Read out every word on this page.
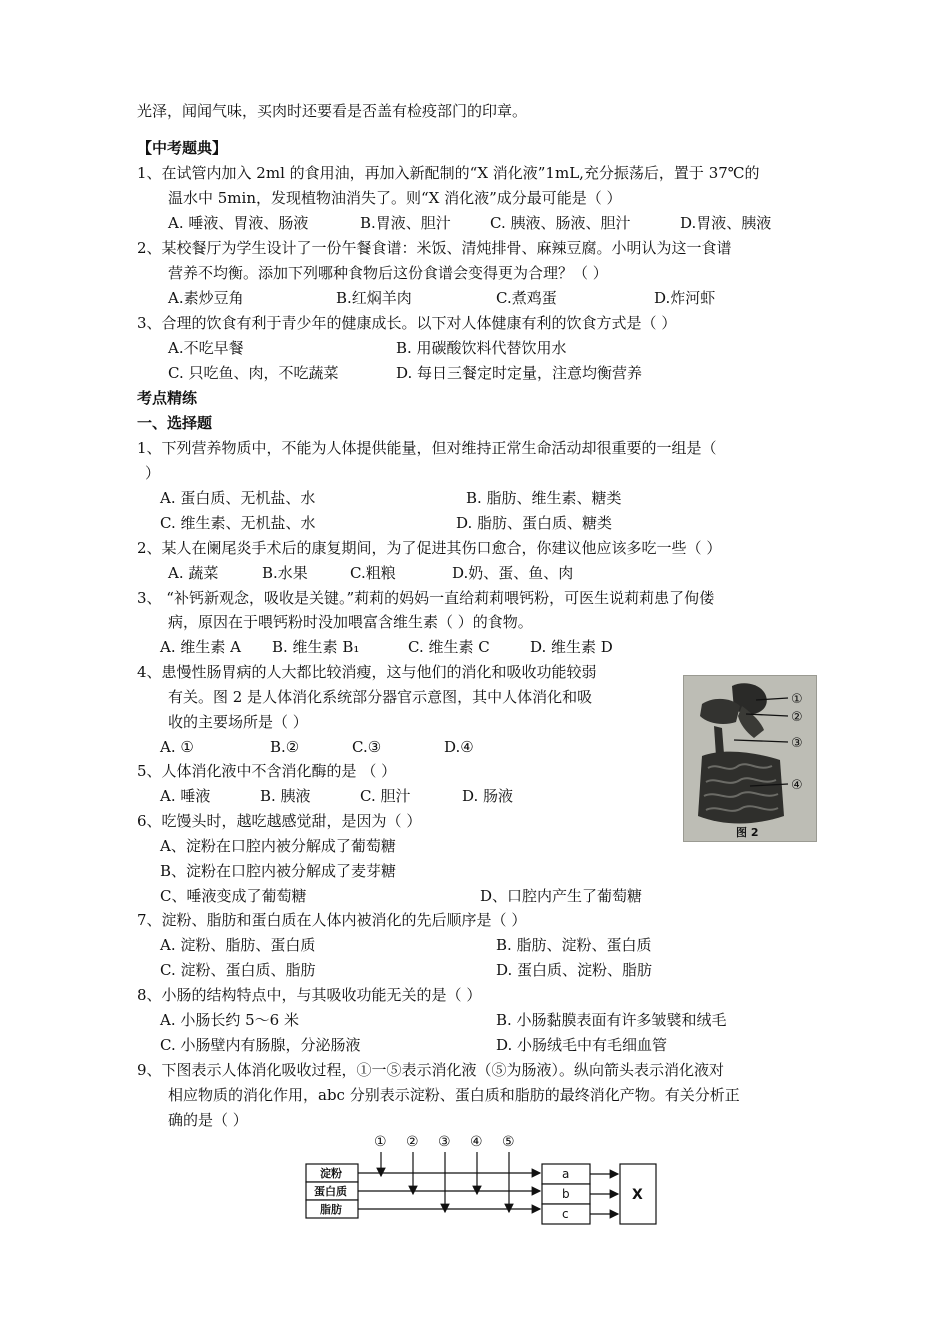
光泽，闻闻气味，买肉时还要看是否盖有检疫部门的印章。
【中考题典】
1、在试管内加入 2ml 的食用油，再加入新配制的“X 消化液”1mL,充分振荡后，置于 37℃的
温水中 5min，发现植物油消失了。则“X 消化液”成分最可能是（ ）
A. 唾液、胃液、肠液	B.胃液、胆汁	C. 胰液、肠液、胆汁	D.胃液、胰液
2、某校餐厅为学生设计了一份午餐食谱：米饭、清炖排骨、麻辣豆腐。小明认为这一食谱
营养不均衡。添加下列哪种食物后这份食谱会变得更为合理？（ ）
A.素炒豆角	B.红焖羊肉	C.煮鸡蛋	D.炸河虾
3、合理的饮食有利于青少年的健康成长。以下对人体健康有利的饮食方式是（ ）
A.不吃早餐	B. 用碳酸饮料代替饮用水
C. 只吃鱼、肉，不吃蔬菜	D. 每日三餐定时定量，注意均衡营养
考点精练
一、选择题
1、下列营养物质中，不能为人体提供能量，但对维持正常生命活动却很重要的一组是（
）
A. 蛋白质、无机盐、水	B. 脂肪、维生素、糖类
C. 维生素、无机盐、水	D. 脂肪、蛋白质、糖类
2、某人在阑尾炎手术后的康复期间，为了促进其伤口愈合，你建议他应该多吃一些（ ）
A. 蔬菜	B.水果	C.粗粮	D.奶、蛋、鱼、肉
3、 “补钙新观念，吸收是关键。”莉莉的妈妈一直给莉莉喂钙粉，可医生说莉莉患了佝偻
病，原因在于喂钙粉时没加喂富含维生素（ ）的食物。
A. 维生素 A B. 维生素 B₁	C. 维生素 C	D. 维生素 D
4、患慢性肠胃病的人大都比较消瘦，这与他们的消化和吸收功能较弱
有关。图 2 是人体消化系统部分器官示意图，其中人体消化和吸
收的主要场所是（ ）
A. ①	B.②	C.③	D.④
①
②
③
④
图 2
5、人体消化液中不含消化酶的是 （ ）
A. 唾液	B. 胰液	C. 胆汁	D. 肠液
6、吃馒头时，越吃越感觉甜，是因为（ ）
A、淀粉在口腔内被分解成了葡萄糖
B、淀粉在口腔内被分解成了麦芽糖
C、唾液变成了葡萄糖	D、口腔内产生了葡萄糖
7、淀粉、脂肪和蛋白质在人体内被消化的先后顺序是（ ）
A. 淀粉、脂肪、蛋白质	B. 脂肪、淀粉、蛋白质
C. 淀粉、蛋白质、脂肪	D. 蛋白质、淀粉、脂肪
8、小肠的结构特点中，与其吸收功能无关的是（ ）
A. 小肠长约 5～6 米	B. 小肠黏膜表面有许多皱襞和绒毛
C. 小肠壁内有肠腺，分泌肠液	D. 小肠绒毛中有毛细血管
9、下图表示人体消化吸收过程，①一⑤表示消化液（⑤为肠液）。纵向箭头表示消化液对
相应物质的消化作用，abc 分别表示淀粉、蛋白质和脂肪的最终消化产物。有关分析正
确的是（ ）
① ② ③ ④ ⑤
淀粉
蛋白质
脂肪
a
b
c
X
